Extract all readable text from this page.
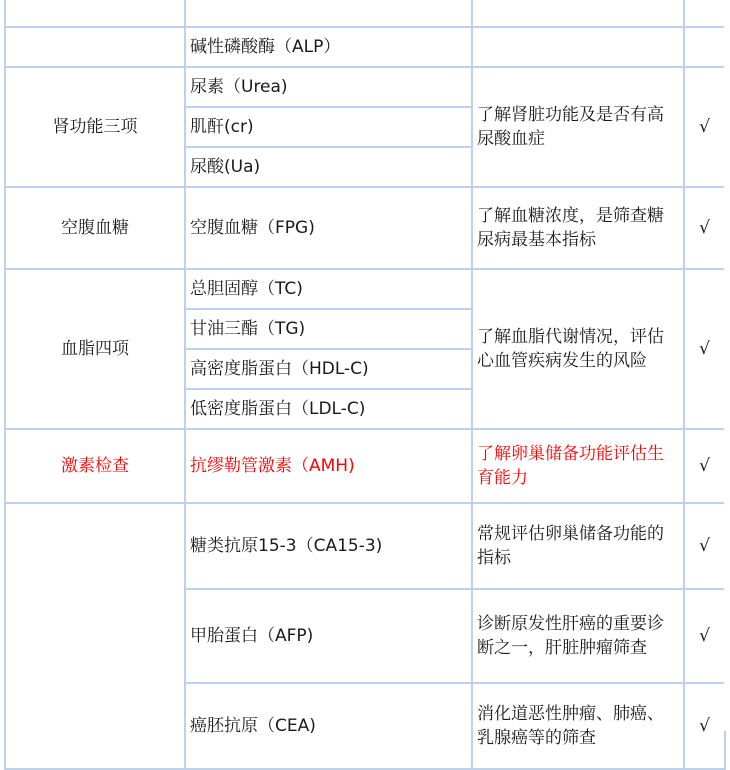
	碱性磷酸酶（ALP）		
肾功能三项	尿素（Urea)	了解肾脏功能及是否有高尿酸血症	√
	肌酐(cr)		
	尿酸(Ua)		
空腹血糖	空腹血糖（FPG)	了解血糖浓度，是筛查糖尿病最基本指标	√
血脂四项	总胆固醇（TC)	了解血脂代谢情况，评估心血管疾病发生的风险	√
	甘油三酯（TG)		
	高密度脂蛋白（HDL-C)		
	低密度脂蛋白（LDL-C)		
激素检查	抗缪勒管激素（AMH)	了解卵巢储备功能评估生育能力	√
	糖类抗原15-3（CA15-3)	常规评估卵巢储备功能的指标	√
	甲胎蛋白（AFP)	诊断原发性肝癌的重要诊断之一，肝脏肿瘤筛查	√
	癌胚抗原（CEA)	消化道恶性肿瘤、肺癌、乳腺癌等的筛查	√
